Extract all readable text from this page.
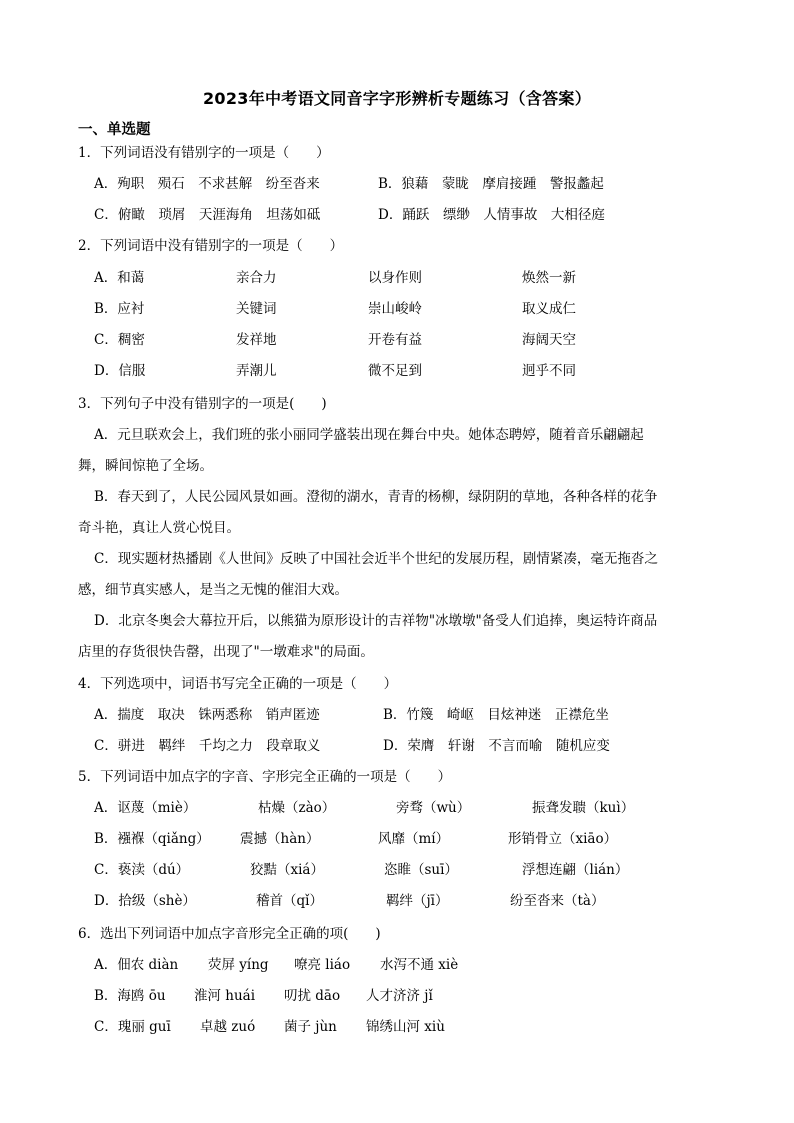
2023年中考语文同音字字形辨析专题练习（含答案）
一、单选题
1．下列词语没有错别字的一项是（　　）
A．殉职　殒石　不求甚解　纷至沓来	B．狼藉　蒙眬　摩肩接踵　警报蠡起
C．俯瞰　琐屑　天涯海角　坦荡如砥	D．踊跃　缥缈　人情事故　大相径庭
2．下列词语中没有错别字的一项是（　　）
A．和蔼	亲合力	以身作则	焕然一新
B．应衬	关键词	崇山峻岭	取义成仁
C．稠密	发祥地	开卷有益	海阔天空
D．信服	弄潮儿	微不足到	迥乎不同
3．下列句子中没有错别字的一项是(　　)
A．元旦联欢会上，我们班的张小丽同学盛装出现在舞台中央。她体态聘婷，随着音乐翩翩起
舞，瞬间惊艳了全场。
B．春天到了，人民公园风景如画。澄彻的湖水，青青的杨柳，绿阴阴的草地，各种各样的花争
奇斗艳，真让人赏心悦目。
C．现实题材热播剧《人世间》反映了中国社会近半个世纪的发展历程，剧情紧凑，毫无拖沓之
感，细节真实感人，是当之无愧的催泪大戏。
D．北京冬奥会大幕拉开后，以熊猫为原形设计的吉祥物"冰墩墩"备受人们追捧，奥运特许商品
店里的存货很快告罄，出现了"一墩难求"的局面。
4．下列选项中，词语书写完全正确的一项是（　　）
A．揣度　取决　铢两悉称　销声匿迹	B．竹篾　崎岖　目炫神迷　正襟危坐
C．骈进　羁绊　千均之力　段章取义	D．荣膺　轩谢　不言而喻　随机应变
5．下列词语中加点字的字音、字形完全正确的一项是（　　）
A．讴蔑（miè）	枯燥（zào）	旁骛（wù）	振聋发聩（kuì）
B．襁褓（qiǎng） 震撼（hàn）	风靡（mí）	形销骨立（xiāo）
C．亵渎（dú）	狡黠（xiá）	恣睢（suī）	浮想连翩（lián）
D．拾级（shè）	稽首（qǐ）	羁绊（jī）	纷至沓来（tà）
6．选出下列词语中加点字音形完全正确的项(　　)
A．佃农 diàn 荧屏 yíng 嘹亮 liáo 水泻不通 xiè
B．海鸥 ōu 淮河 huái 叨扰 dāo 人才济济 jǐ
C．瑰丽 guī 卓越 zuó 菌子 jùn 锦绣山河 xiù
